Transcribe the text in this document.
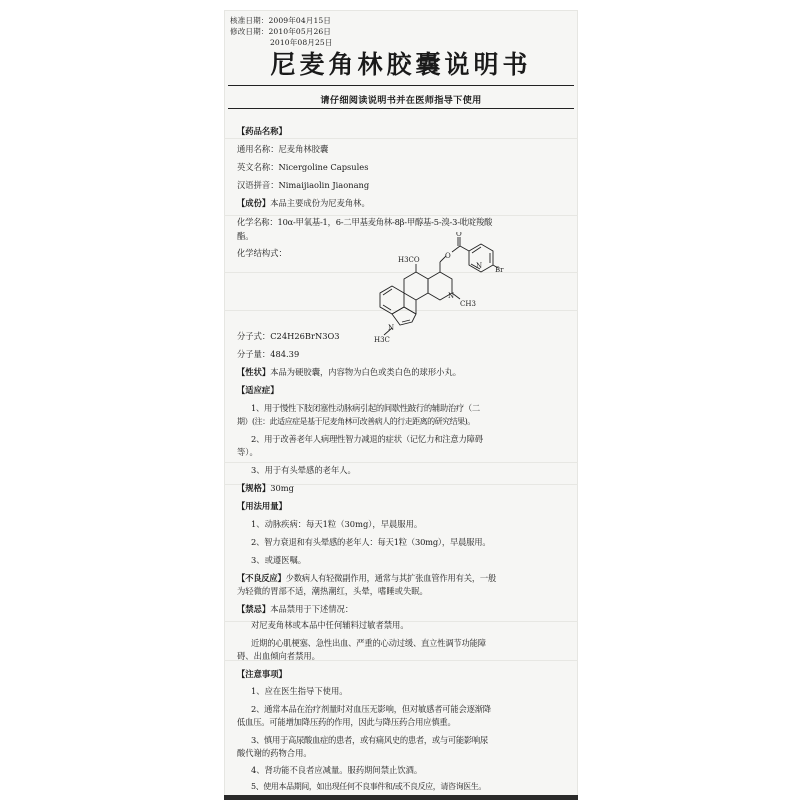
核准日期：2009年04月15日
修改日期：2010年05月26日
2010年08月25日
尼麦角林胶囊说明书
请仔细阅读说明书并在医师指导下使用
【药品名称】
通用名称：尼麦角林胶囊
英文名称：Nicergoline Capsules
汉语拼音：Nimaijiaolin Jiaonang
【成份】本品主要成份为尼麦角林。
化学名称：10α-甲氧基-1，6-二甲基麦角林-8β-甲醇基-5-溴-3-吡啶羧酸
酯。
化学结构式：
Br
N
O
O
H3CO
N
CH3
N
H3C
分子式：C24H26BrN3O3
分子量：484.39
【性状】本品为硬胶囊，内容物为白色或类白色的球形小丸。
【适应症】
1、用于慢性下肢闭塞性动脉病引起的间歇性跛行的辅助治疗（二
期）(注：此适应症是基于尼麦角林可改善病人的行走距离的研究结果)。
2、用于改善老年人病理性智力减退的症状（记忆力和注意力障碍
等）。
3、用于有头晕感的老年人。
【规格】30mg
【用法用量】
1、动脉疾病：每天1粒（30mg），早晨服用。
2、智力衰退和有头晕感的老年人：每天1粒（30mg），早晨服用。
3、或遵医嘱。
【不良反应】少数病人有轻微副作用，通常与其扩张血管作用有关，一般
为轻微的胃部不适，潮热潮红，头晕，嗜睡或失眠。
【禁忌】本品禁用于下述情况：
对尼麦角林或本品中任何辅料过敏者禁用。
近期的心肌梗塞、急性出血、严重的心动过缓、直立性调节功能障
碍、出血倾向者禁用。
【注意事项】
1、应在医生指导下使用。
2、通常本品在治疗剂量时对血压无影响，但对敏感者可能会逐渐降
低血压。可能增加降压药的作用，因此与降压药合用应慎重。
3、慎用于高尿酸血症的患者，或有痛风史的患者，或与可能影响尿
酸代谢的药物合用。
4、肾功能不良者应减量。服药期间禁止饮酒。
5、使用本品期间，如出现任何不良事件和/或不良反应，请咨询医生。
